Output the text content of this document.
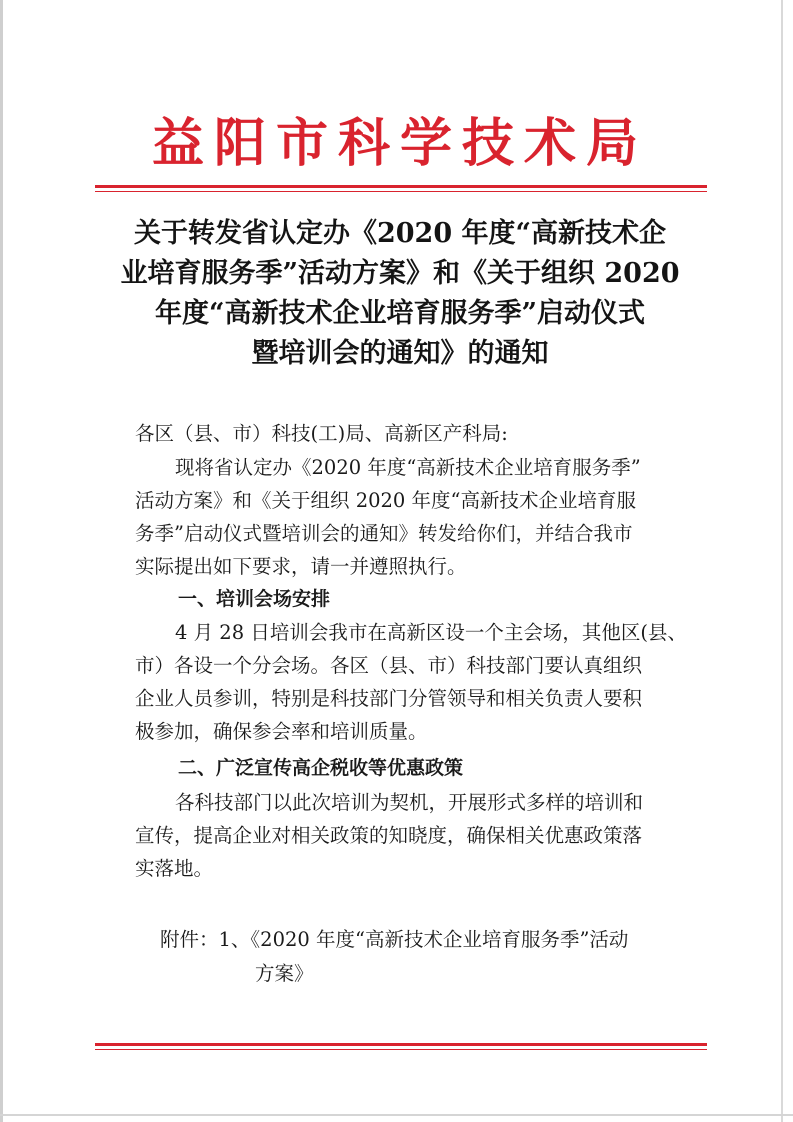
益阳市科学技术局
关于转发省认定办《2020 年度“高新技术企
业培育服务季”活动方案》和《关于组织 2020
年度“高新技术企业培育服务季”启动仪式
暨培训会的通知》的通知
各区（县、市）科技(工)局、高新区产科局:
现将省认定办《2020 年度“高新技术企业培育服务季”
活动方案》和《关于组织 2020 年度“高新技术企业培育服
务季”启动仪式暨培训会的通知》转发给你们，并结合我市
实际提出如下要求，请一并遵照执行。
一、培训会场安排
4 月 28 日培训会我市在高新区设一个主会场，其他区(县、
市）各设一个分会场。各区（县、市）科技部门要认真组织
企业人员参训，特别是科技部门分管领导和相关负责人要积
极参加，确保参会率和培训质量。
二、广泛宣传高企税收等优惠政策
各科技部门以此次培训为契机，开展形式多样的培训和
宣传，提高企业对相关政策的知晓度，确保相关优惠政策落
实落地。
附件：1、《2020 年度“高新技术企业培育服务季”活动
方案》
